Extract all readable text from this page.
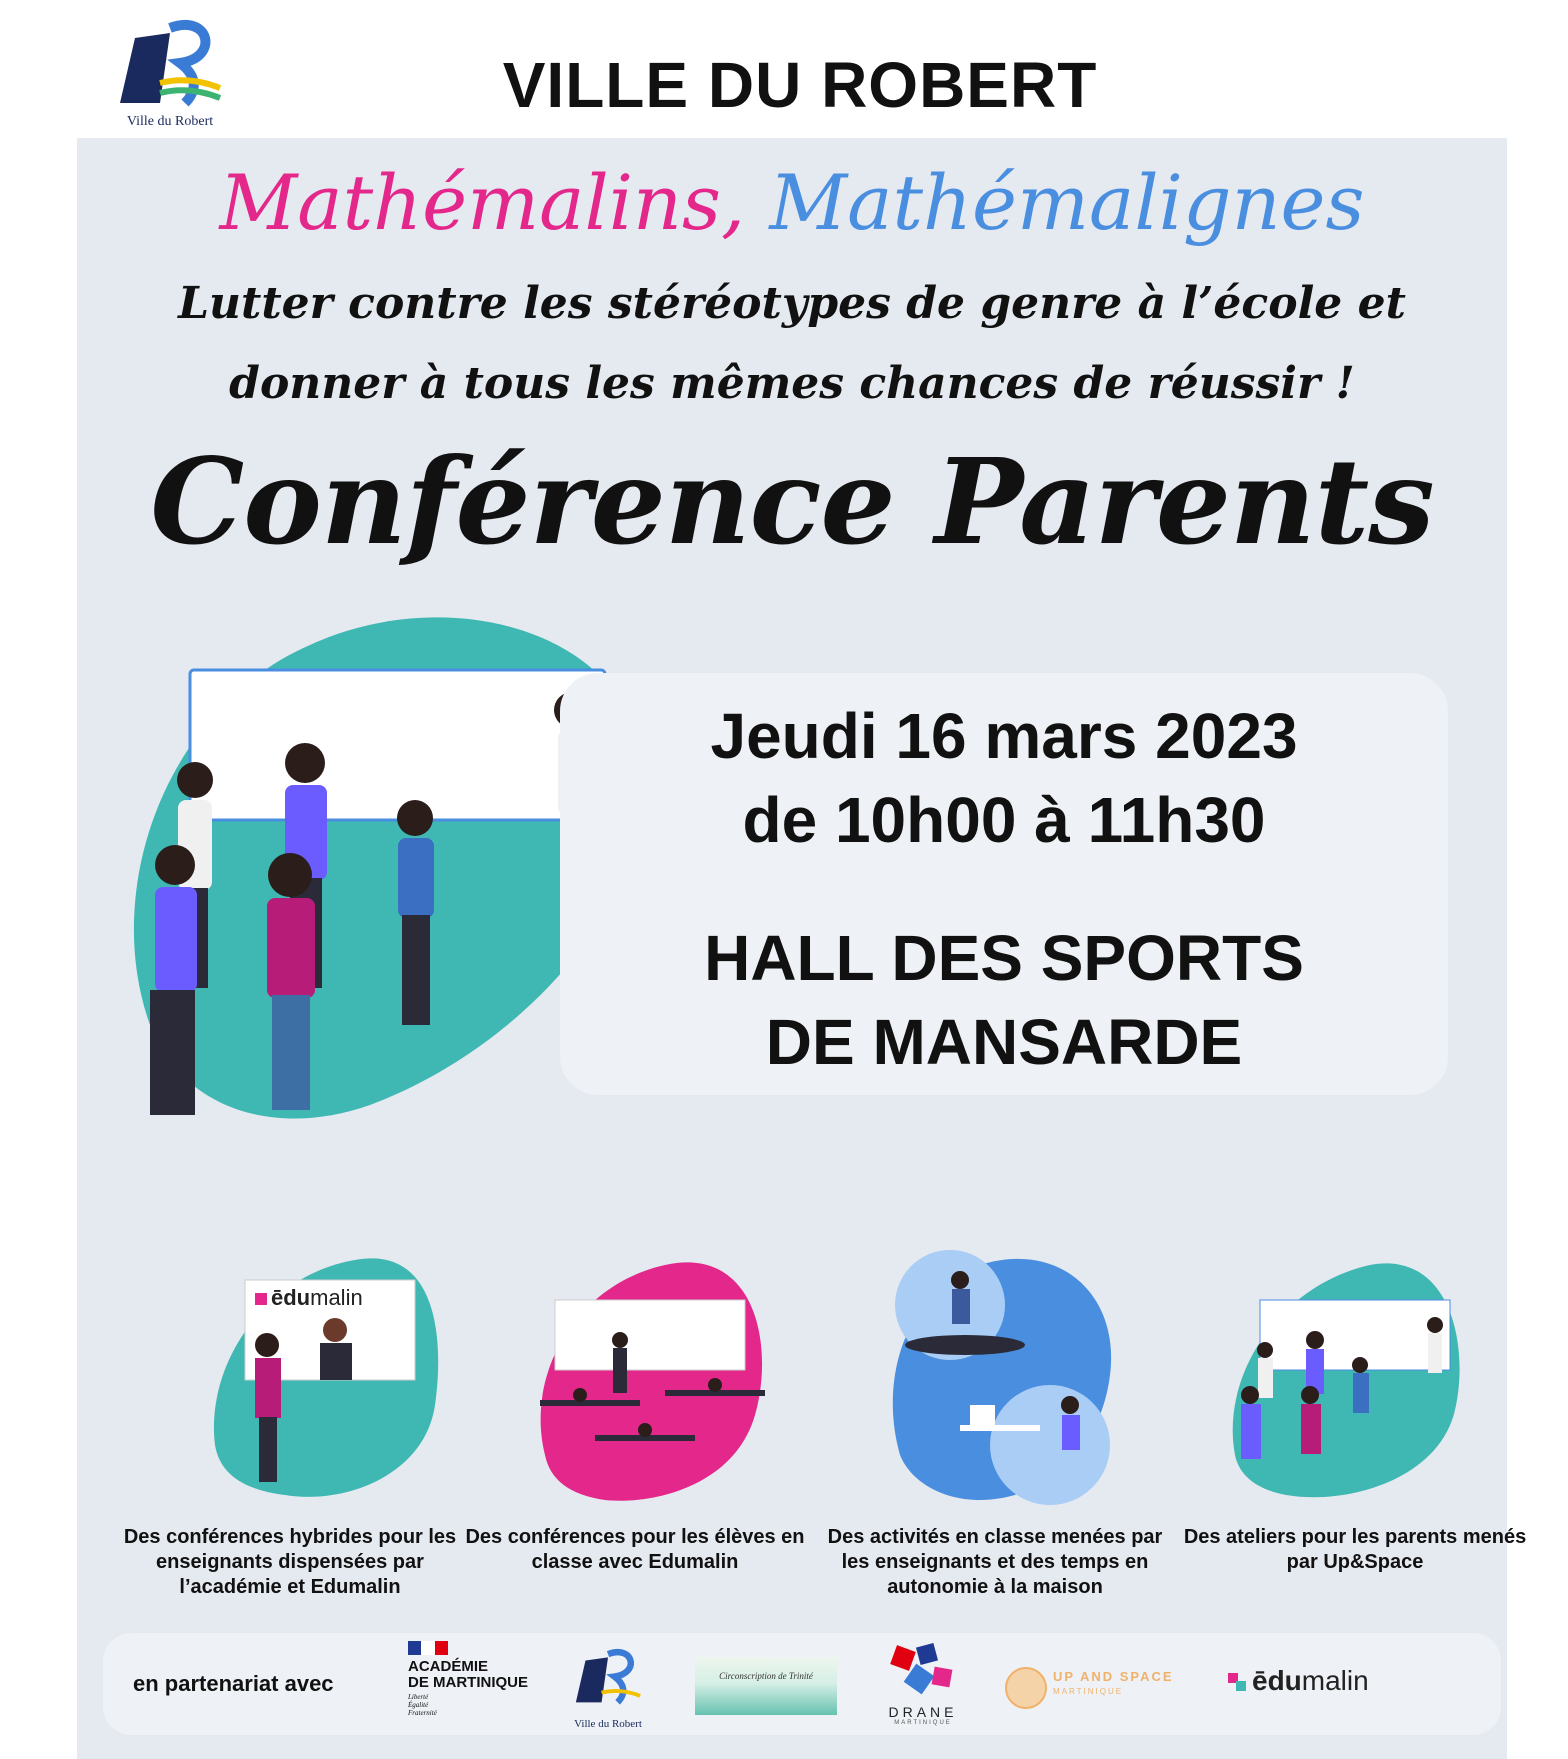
Ville du Robert
VILLE DU ROBERT
Mathémalins, Mathémalignes
Lutter contre les stéréotypes de genre à l’école et
donner à tous les mêmes chances de réussir !
Conférence Parents
Jeudi 16 mars 2023
de 10h00 à 11h30
HALL DES SPORTS
DE MANSARDE
ēdumalin
Des conférences hybrides pour les enseignants dispensées par l’académie et Edumalin
Des conférences pour les élèves en classe avec Edumalin
Des activités en classe menées par les enseignants et des temps en autonomie à la maison
Des ateliers pour les parents menés par Up&Space
en partenariat avec
ACADÉMIE
DE MARTINIQUE
Liberté
Égalité
Fraternité
Ville du Robert
Circonscription de Trinité
DRANE
MARTINIQUE
UP AND SPACE
MARTINIQUE	ēdumalin
